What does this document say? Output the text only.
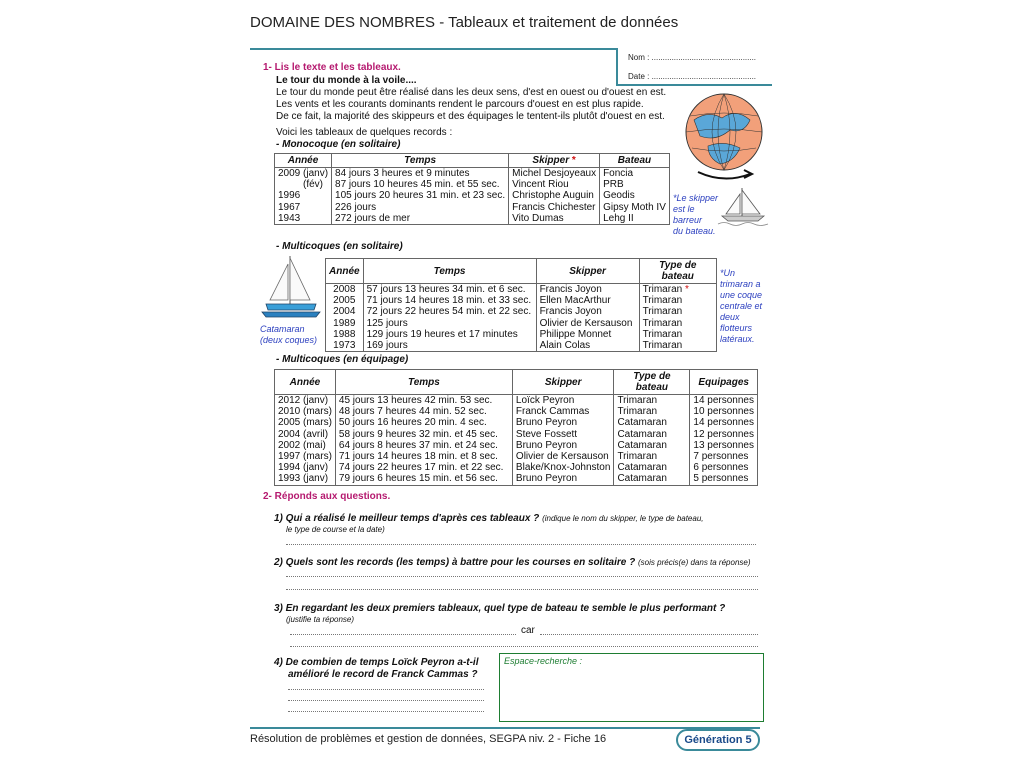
DOMAINE DES NOMBRES - Tableaux et traitement de données
Nom : ...............................................
Date : ...............................................
1- Lis le texte et les tableaux.
Le tour du monde à la voile....
Le tour du monde peut être réalisé dans les deux sens, d'est en ouest ou d'ouest en est.
Les vents et les courants dominants rendent le parcours d'ouest en est plus rapide.
De ce fait, la majorité des skippeurs et des équipages le tentent-ils plutôt d'ouest en est.
Voici les tableaux de quelques records :
- Monocoque (en solitaire)
Année	Temps	Skipper *	Bateau
2009 (janv)	84 jours 3 heures et 9 minutes	Michel Desjoyeaux	Foncia
(fév)	87 jours 10 heures 45 min. et 55 sec.	Vincent Riou	PRB
1996	105 jours 20 heures 31 min. et 23 sec.	Christophe Auguin	Geodis
1967	226 jours	Francis Chichester	Gipsy Moth IV
1943	272 jours de mer	Vito Dumas	Lehg II
*Le skipper
est le
barreur
du bateau.
- Multicoques (en solitaire)
Catamaran
(deux coques)
Année	Temps	Skipper	Type de bateau
2008	57 jours 13 heures 34 min. et 6 sec.	Francis Joyon	Trimaran *
2005	71 jours 14 heures 18 min. et 33 sec.	Ellen MacArthur	Trimaran
2004	72 jours 22 heures 54 min. et 22 sec.	Francis Joyon	Trimaran
1989	125 jours	Olivier de Kersauson	Trimaran
1988	129 jours 19 heures et 17 minutes	Philippe Monnet	Trimaran
1973	169 jours	Alain Colas	Trimaran
*Un
trimaran a
une coque
centrale et
deux
flotteurs
latéraux.
- Multicoques (en équipage)
Année	Temps	Skipper	Type de bateau	Equipages
2012 (janv)	45 jours 13 heures 42 min. 53 sec.	Loïck Peyron	Trimaran	14 personnes
2010 (mars)	48 jours 7 heures 44 min. 52 sec.	Franck Cammas	Trimaran	10 personnes
2005 (mars)	50 jours 16 heures 20 min. 4 sec.	Bruno Peyron	Catamaran	14 personnes
2004 (avril)	58 jours 9 heures 32 min. et 45 sec.	Steve Fossett	Catamaran	12 personnes
2002 (mai)	64 jours 8 heures 37 min. et 24 sec.	Bruno Peyron	Catamaran	13 personnes
1997 (mars)	71 jours 14 heures 18 min. et 8 sec.	Olivier de Kersauson	Trimaran	7 personnes
1994 (janv)	74 jours 22 heures 17 min. et 22 sec.	Blake/Knox-Johnston	Catamaran	6 personnes
1993 (janv)	79 jours 6 heures 15 min. et 56 sec.	Bruno Peyron	Catamaran	5 personnes
2- Réponds aux questions.
1) Qui a réalisé le meilleur temps d'après ces tableaux ? (indique le nom du skipper, le type de bateau,
le type de course et la date)
2) Quels sont les records (les temps) à battre pour les courses en solitaire ? (sois précis(e) dans ta réponse)
3) En regardant les deux premiers tableaux, quel type de bateau te semble le plus performant ?
(justifie ta réponse)
car
4) De combien de temps Loïck Peyron a-t-il
amélioré le record de Franck Cammas ?
Espace-recherche :
Résolution de problèmes et gestion de données, SEGPA niv. 2 - Fiche 16	Génération 5
